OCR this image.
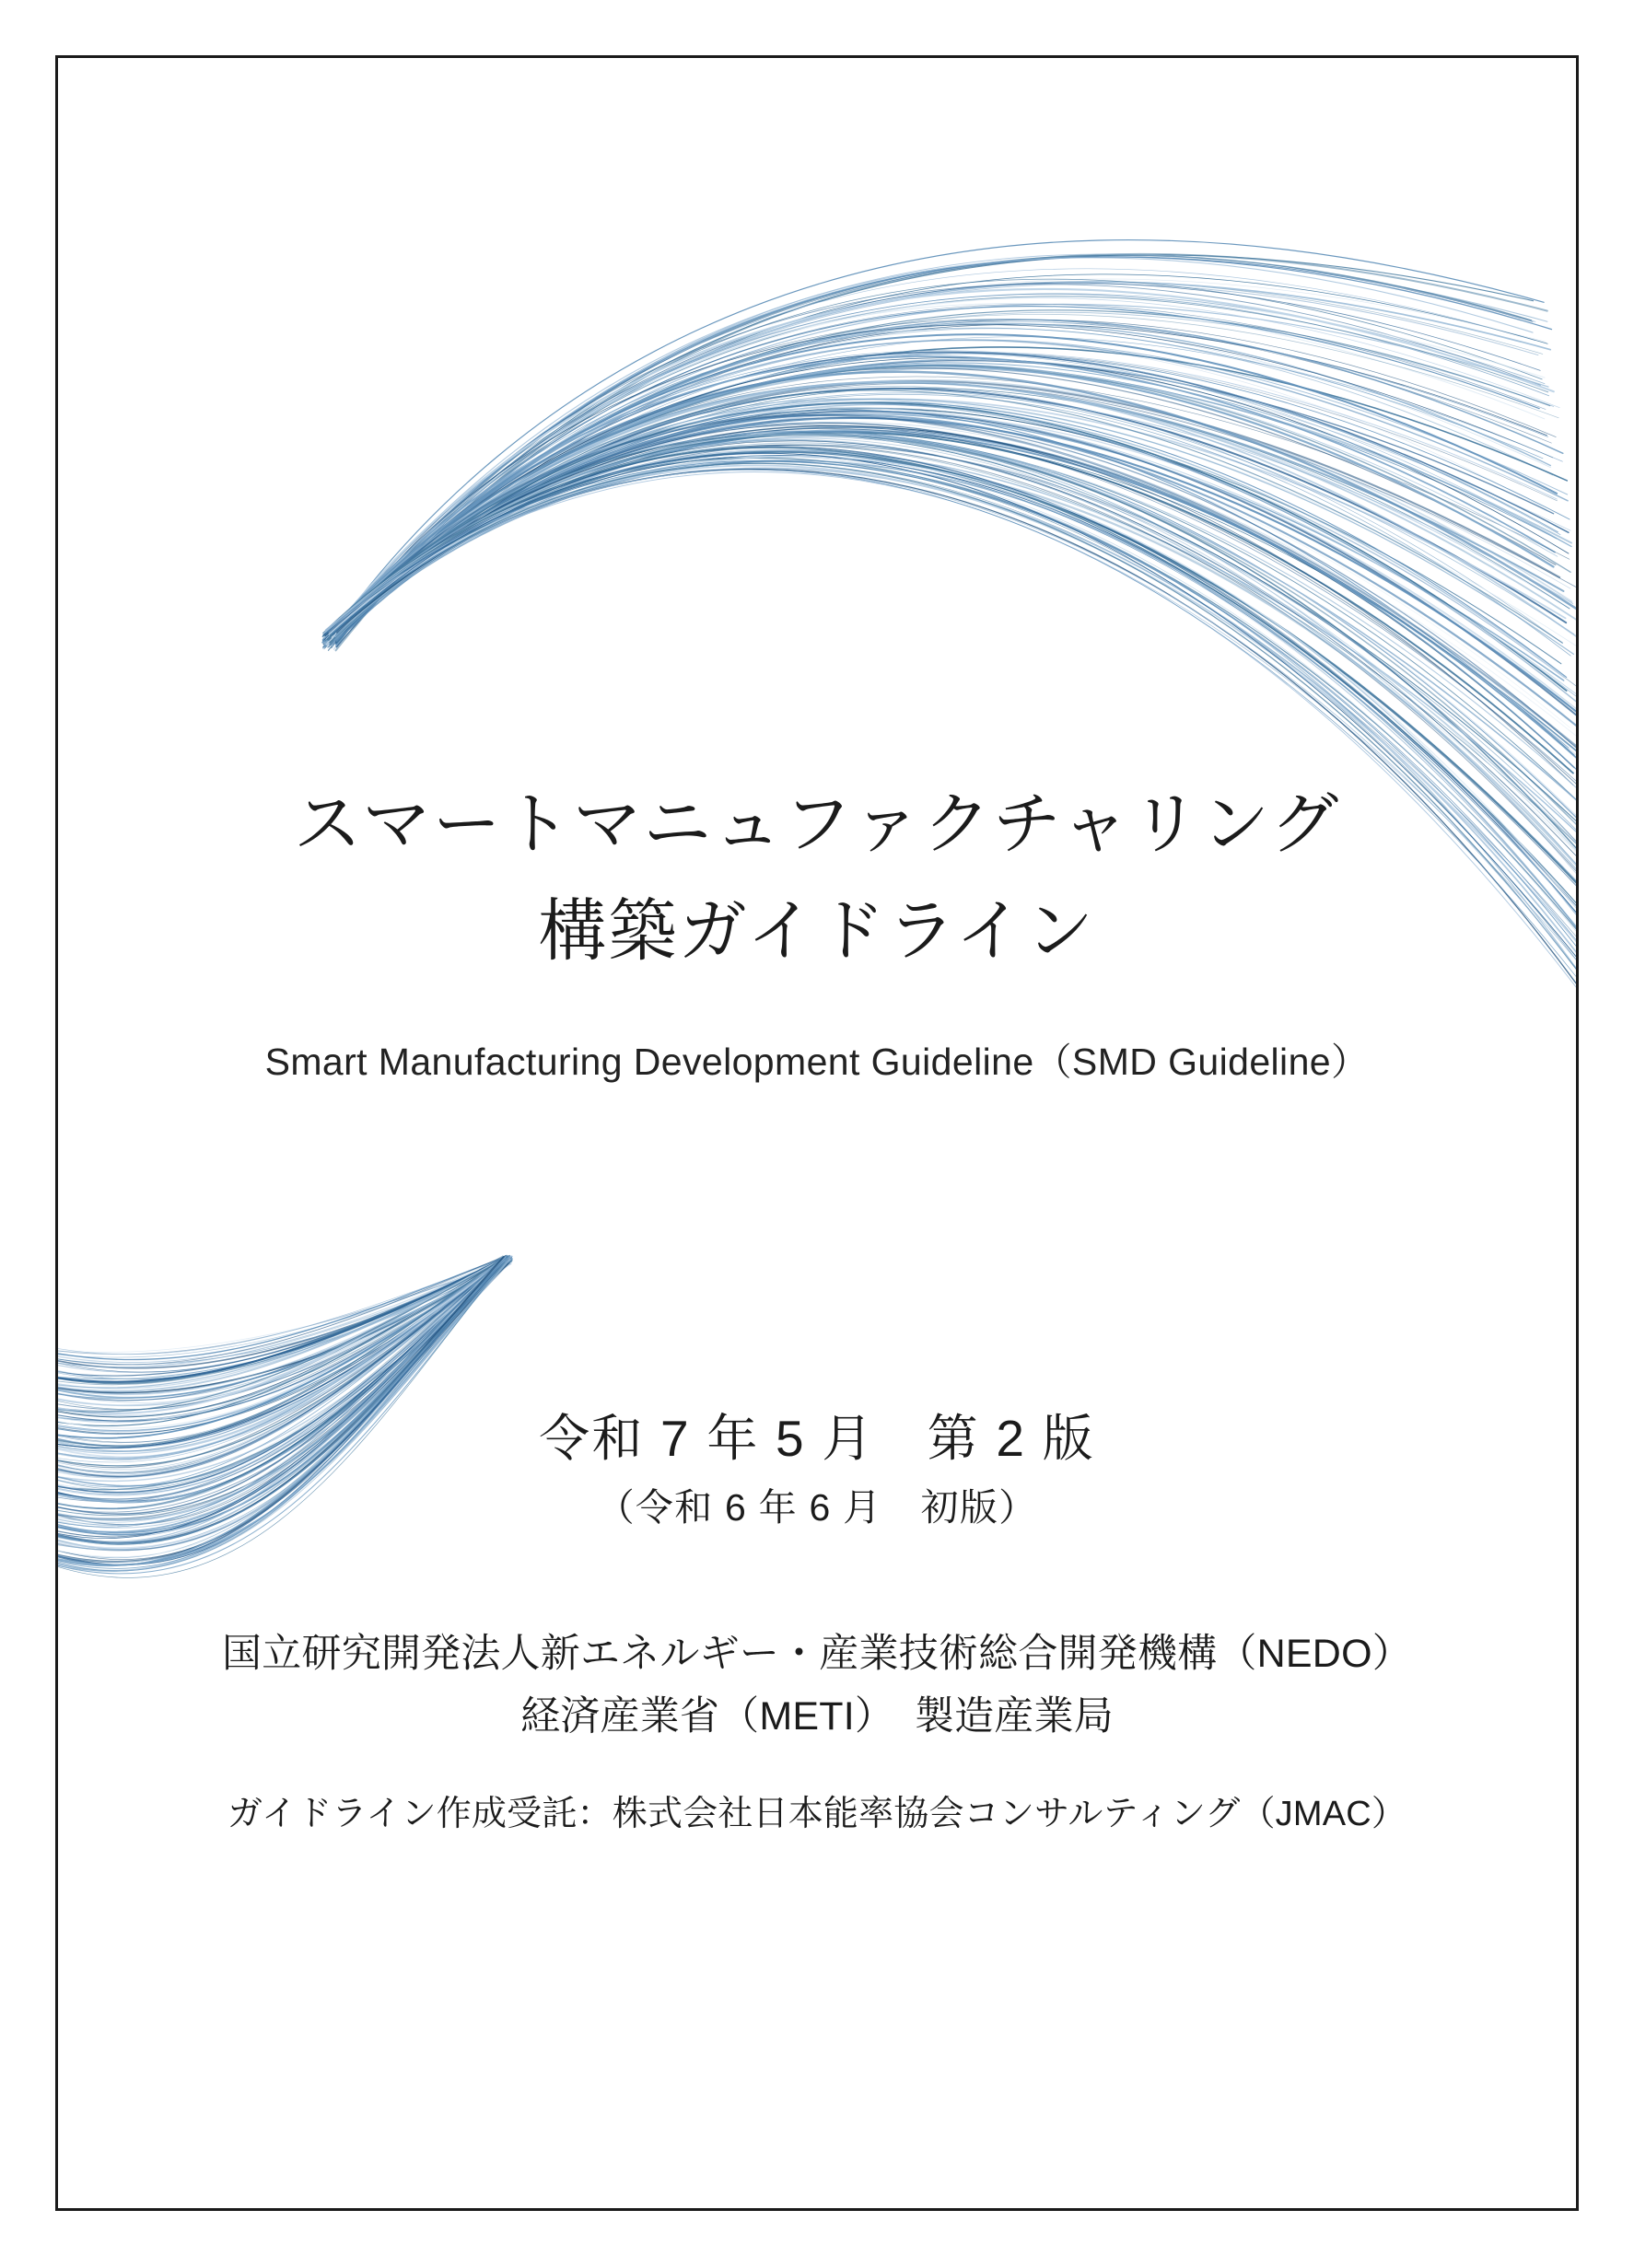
スマートマニュファクチャリング
構築ガイドライン
Smart Manufacturing Development Guideline（SMD Guideline）
令和 7 年 5 月　第 2 版
（令和 6 年 6 月　初版）
国立研究開発法人新エネルギー・産業技術総合開発機構（NEDO）
経済産業省（METI）　製造産業局
ガイドライン作成受託：株式会社日本能率協会コンサルティング（JMAC）
